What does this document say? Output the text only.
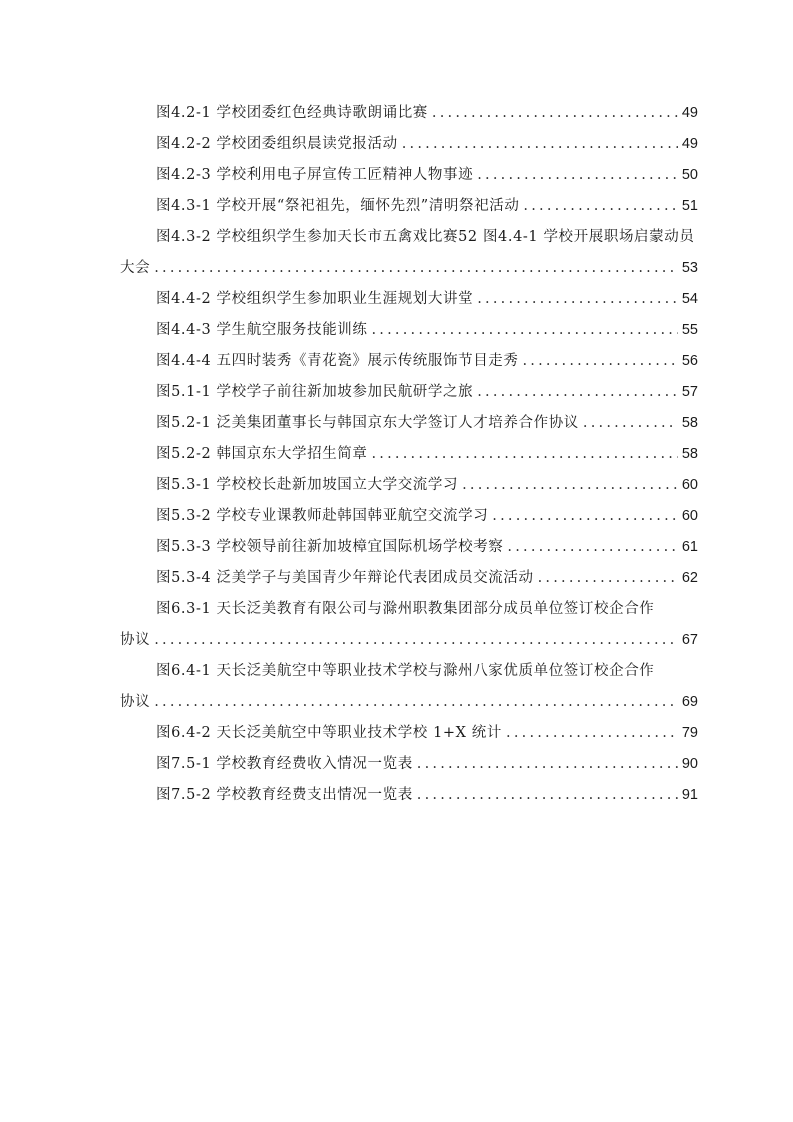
图4.2-1 学校团委红色经典诗歌朗诵比赛 .....	49
图4.2-2 学校团委组织晨读党报活动 .....	49
图4.2-3 学校利用电子屏宣传工匠精神人物事迹 .....	50
图4.3-1 学校开展“祭祀祖先，缅怀先烈”清明祭祀活动 .....	51
图4.3-2 学校组织学生参加天长市五禽戏比赛52 图4.4-1 学校开展职场启蒙动员
大会 .....	53
图4.4-2 学校组织学生参加职业生涯规划大讲堂 .....	54
图4.4-3 学生航空服务技能训练 .....	55
图4.4-4 五四时装秀《青花瓷》展示传统服饰节目走秀 .....	56
图5.1-1 学校学子前往新加坡参加民航研学之旅 .....	57
图5.2-1 泛美集团董事长与韩国京东大学签订人才培养合作协议 .....	58
图5.2-2 韩国京东大学招生简章 .....	58
图5.3-1 学校校长赴新加坡国立大学交流学习 .....	60
图5.3-2 学校专业课教师赴韩国韩亚航空交流学习 .....	60
图5.3-3 学校领导前往新加坡樟宜国际机场学校考察 .....	61
图5.3-4 泛美学子与美国青少年辩论代表团成员交流活动 .....	62
图6.3-1 天长泛美教育有限公司与滁州职教集团部分成员单位签订校企合作
协议 .....	67
图6.4-1 天长泛美航空中等职业技术学校与滁州八家优质单位签订校企合作
协议 .....	69
图6.4-2 天长泛美航空中等职业技术学校 1+X 统计 .....	79
图7.5-1 学校教育经费收入情况一览表 .....	90
图7.5-2 学校教育经费支出情况一览表 .....	91
